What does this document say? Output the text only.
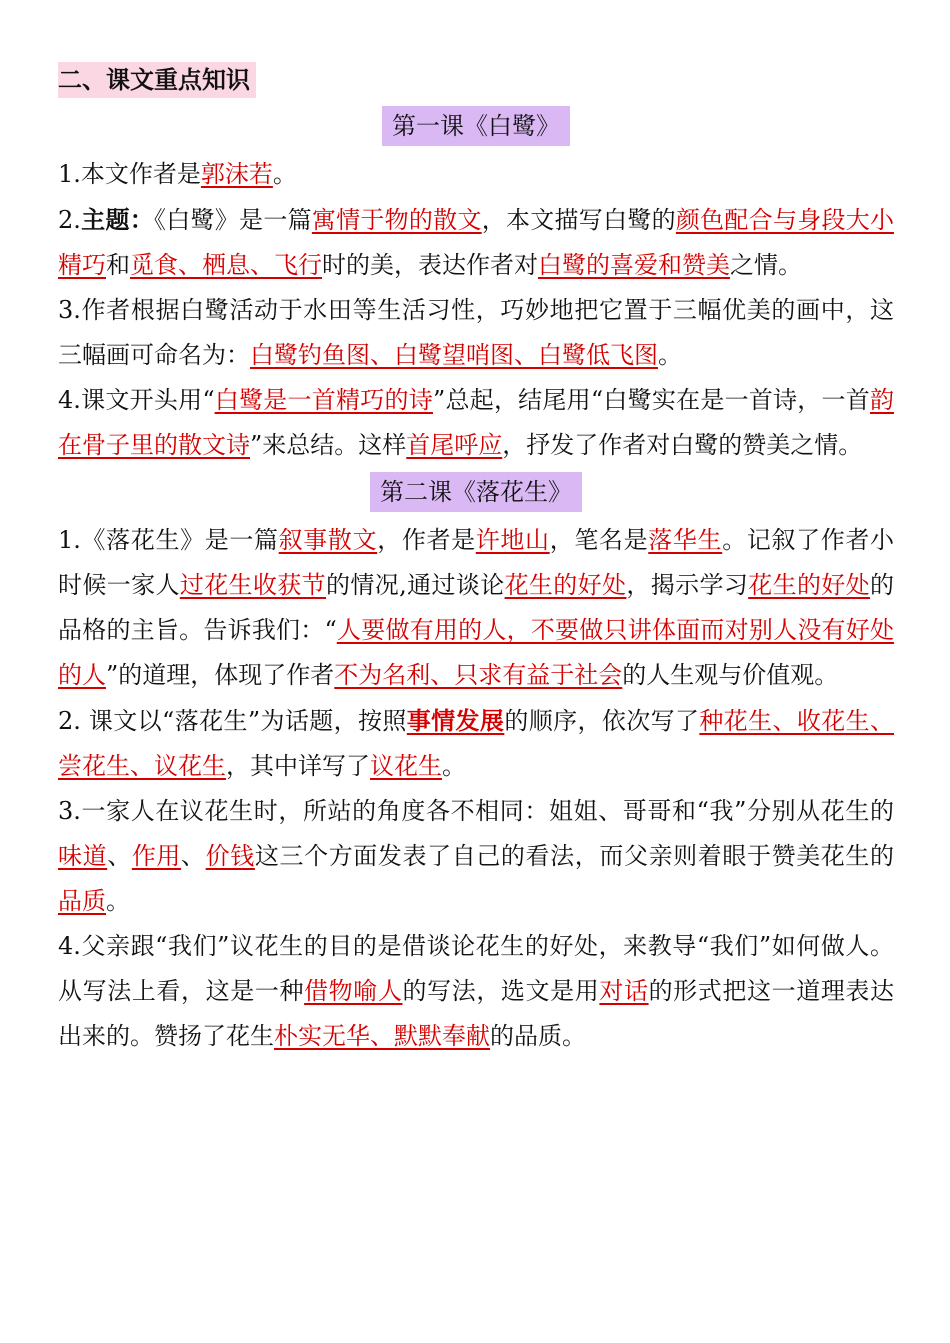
二、课文重点知识
第一课《白鹭》

1.本文作者是郭沫若。

2.主题：《白鹭》是一篇寓情于物的散文，本文描写白鹭的颜色配合与身段大小精巧和觅食、栖息、飞行时的美，表达作者对白鹭的喜爱和赞美之情。

3.作者根据白鹭活动于水田等生活习性，巧妙地把它置于三幅优美的画中，这三幅画可命名为：白鹭钓鱼图、白鹭望哨图、白鹭低飞图。

4.课文开头用“白鹭是一首精巧的诗”总起，结尾用“白鹭实在是一首诗，一首韵在骨子里的散文诗”来总结。这样首尾呼应，抒发了作者对白鹭的赞美之情。

第二课《落花生》

1.《落花生》是一篇叙事散文，作者是许地山，笔名是落华生。记叙了作者小时候一家人过花生收获节的情况,通过谈论花生的好处，揭示学习花生的好处的品格的主旨。告诉我们：“人要做有用的人，不要做只讲体面而对别人没有好处的人”的道理，体现了作者不为名利、只求有益于社会的人生观与价值观。

2. 课文以“落花生”为话题，按照事情发展的顺序，依次写了种花生、收花生、尝花生、议花生，其中详写了议花生。

3.一家人在议花生时，所站的角度各不相同：姐姐、哥哥和“我”分别从花生的味道、作用、价钱这三个方面发表了自己的看法，而父亲则着眼于赞美花生的品质。

4.父亲跟“我们”议花生的目的是借谈论花生的好处，来教导“我们”如何做人。从写法上看，这是一种借物喻人的写法，选文是用对话的形式把这一道理表达出来的。赞扬了花生朴实无华、默默奉献的品质。
